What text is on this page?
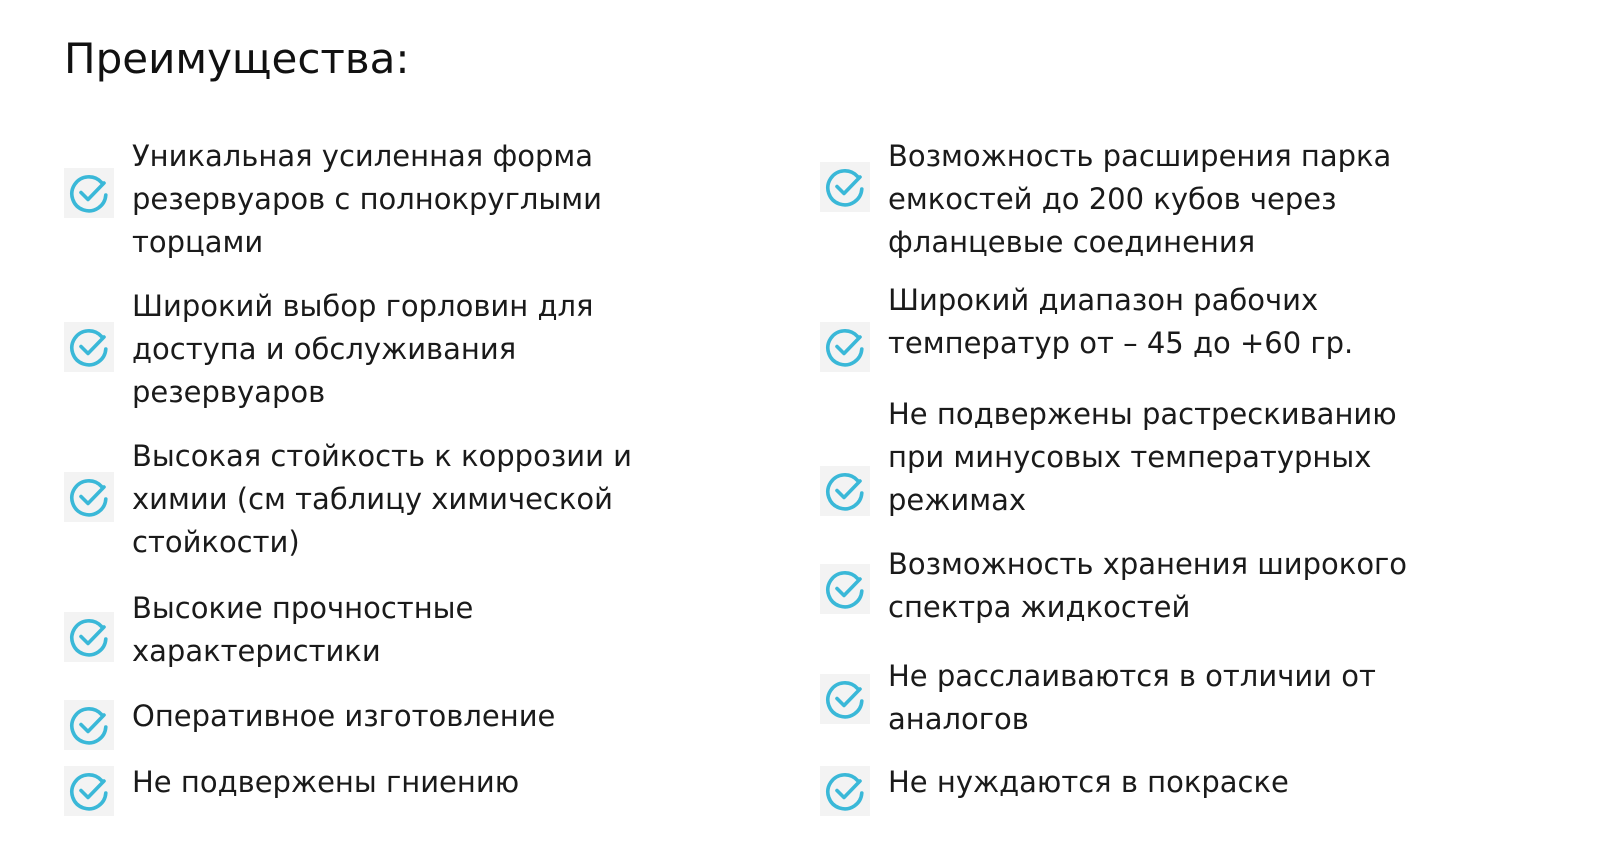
Преимущества:
Уникальная усиленная форма
резервуаров с полнокруглыми
торцами
Широкий выбор горловин для
доступа и обслуживания
резервуаров
Высокая стойкость к коррозии и
химии (см таблицу химической
стойкости)
Высокие прочностные
характеристики
Оперативное изготовление
Не подвержены гниению
Возможность расширения парка
емкостей до 200 кубов через
фланцевые соединения
Широкий диапазон рабочих
температур от – 45 до +60 гр.
Не подвержены растрескиванию
при минусовых температурных
режимах
Возможность хранения широкого
спектра жидкостей
Не расслаиваются в отличии от
аналогов
Не нуждаются в покраске
